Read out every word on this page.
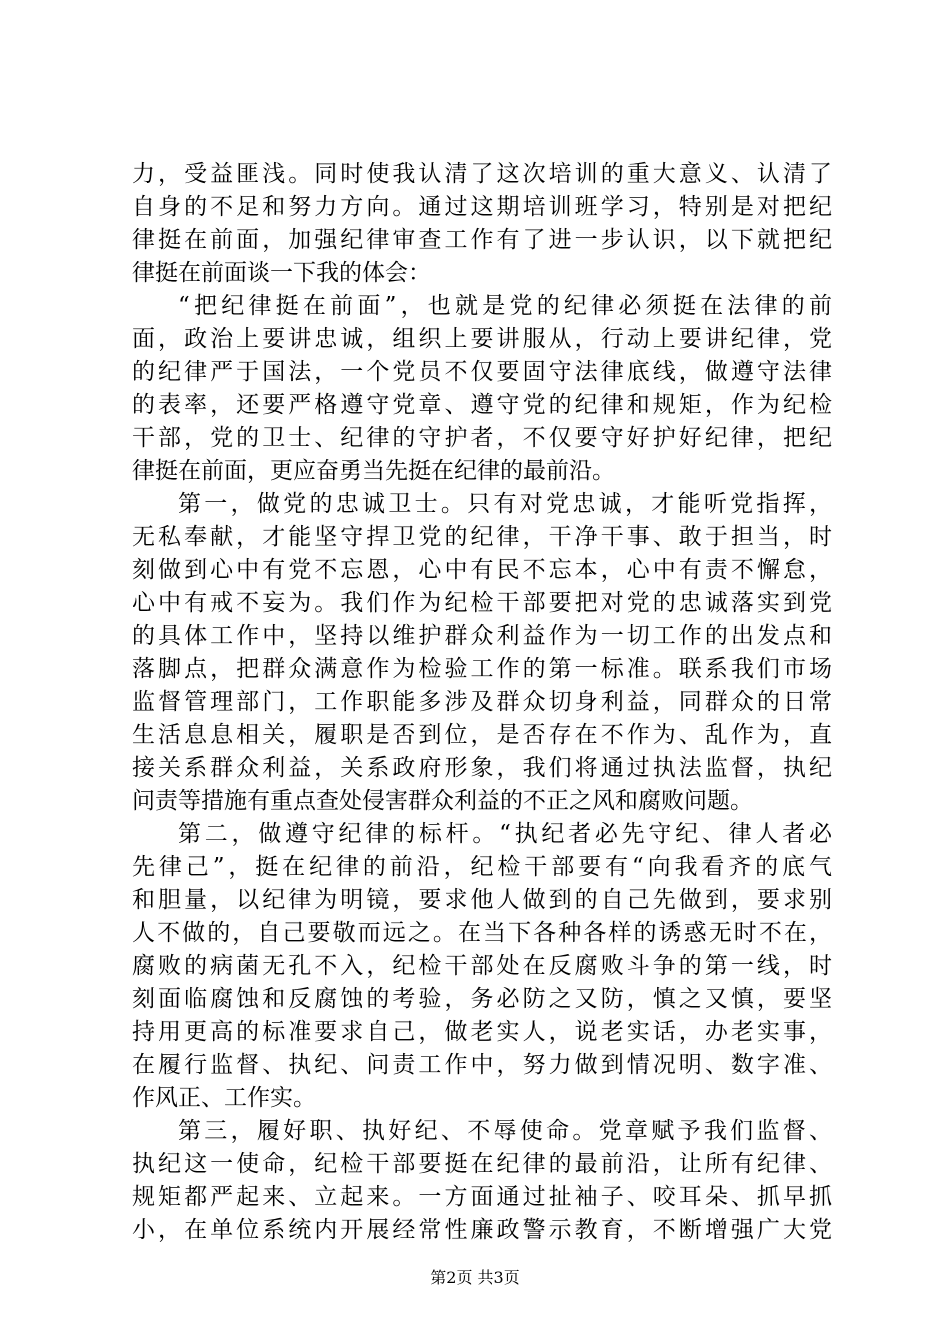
力，受益匪浅。同时使我认清了这次培训的重大意义、认清了
自身的不足和努力方向。通过这期培训班学习，特别是对把纪
律挺在前面，加强纪律审查工作有了进一步认识，以下就把纪
律挺在前面谈一下我的体会：
“把纪律挺在前面”，也就是党的纪律必须挺在法律的前
面，政治上要讲忠诚，组织上要讲服从，行动上要讲纪律，党
的纪律严于国法，一个党员不仅要固守法律底线，做遵守法律
的表率，还要严格遵守党章、遵守党的纪律和规矩，作为纪检
干部，党的卫士、纪律的守护者，不仅要守好护好纪律，把纪
律挺在前面，更应奋勇当先挺在纪律的最前沿。
第一，做党的忠诚卫士。只有对党忠诚，才能听党指挥，
无私奉献，才能坚守捍卫党的纪律，干净干事、敢于担当，时
刻做到心中有党不忘恩，心中有民不忘本，心中有责不懈怠，
心中有戒不妄为。我们作为纪检干部要把对党的忠诚落实到党
的具体工作中，坚持以维护群众利益作为一切工作的出发点和
落脚点，把群众满意作为检验工作的第一标准。联系我们市场
监督管理部门，工作职能多涉及群众切身利益，同群众的日常
生活息息相关，履职是否到位，是否存在不作为、乱作为，直
接关系群众利益，关系政府形象，我们将通过执法监督，执纪
问责等措施有重点查处侵害群众利益的不正之风和腐败问题。
第二，做遵守纪律的标杆。“执纪者必先守纪、律人者必
先律己”，挺在纪律的前沿，纪检干部要有“向我看齐的底气
和胆量，以纪律为明镜，要求他人做到的自己先做到，要求别
人不做的，自己要敬而远之。在当下各种各样的诱惑无时不在，
腐败的病菌无孔不入，纪检干部处在反腐败斗争的第一线，时
刻面临腐蚀和反腐蚀的考验，务必防之又防，慎之又慎，要坚
持用更高的标准要求自己，做老实人，说老实话，办老实事，
在履行监督、执纪、问责工作中，努力做到情况明、数字准、
作风正、工作实。
第三，履好职、执好纪、不辱使命。党章赋予我们监督、
执纪这一使命，纪检干部要挺在纪律的最前沿，让所有纪律、
规矩都严起来、立起来。一方面通过扯袖子、咬耳朵、抓早抓
小，在单位系统内开展经常性廉政警示教育，不断增强广大党
第2页 共3页
